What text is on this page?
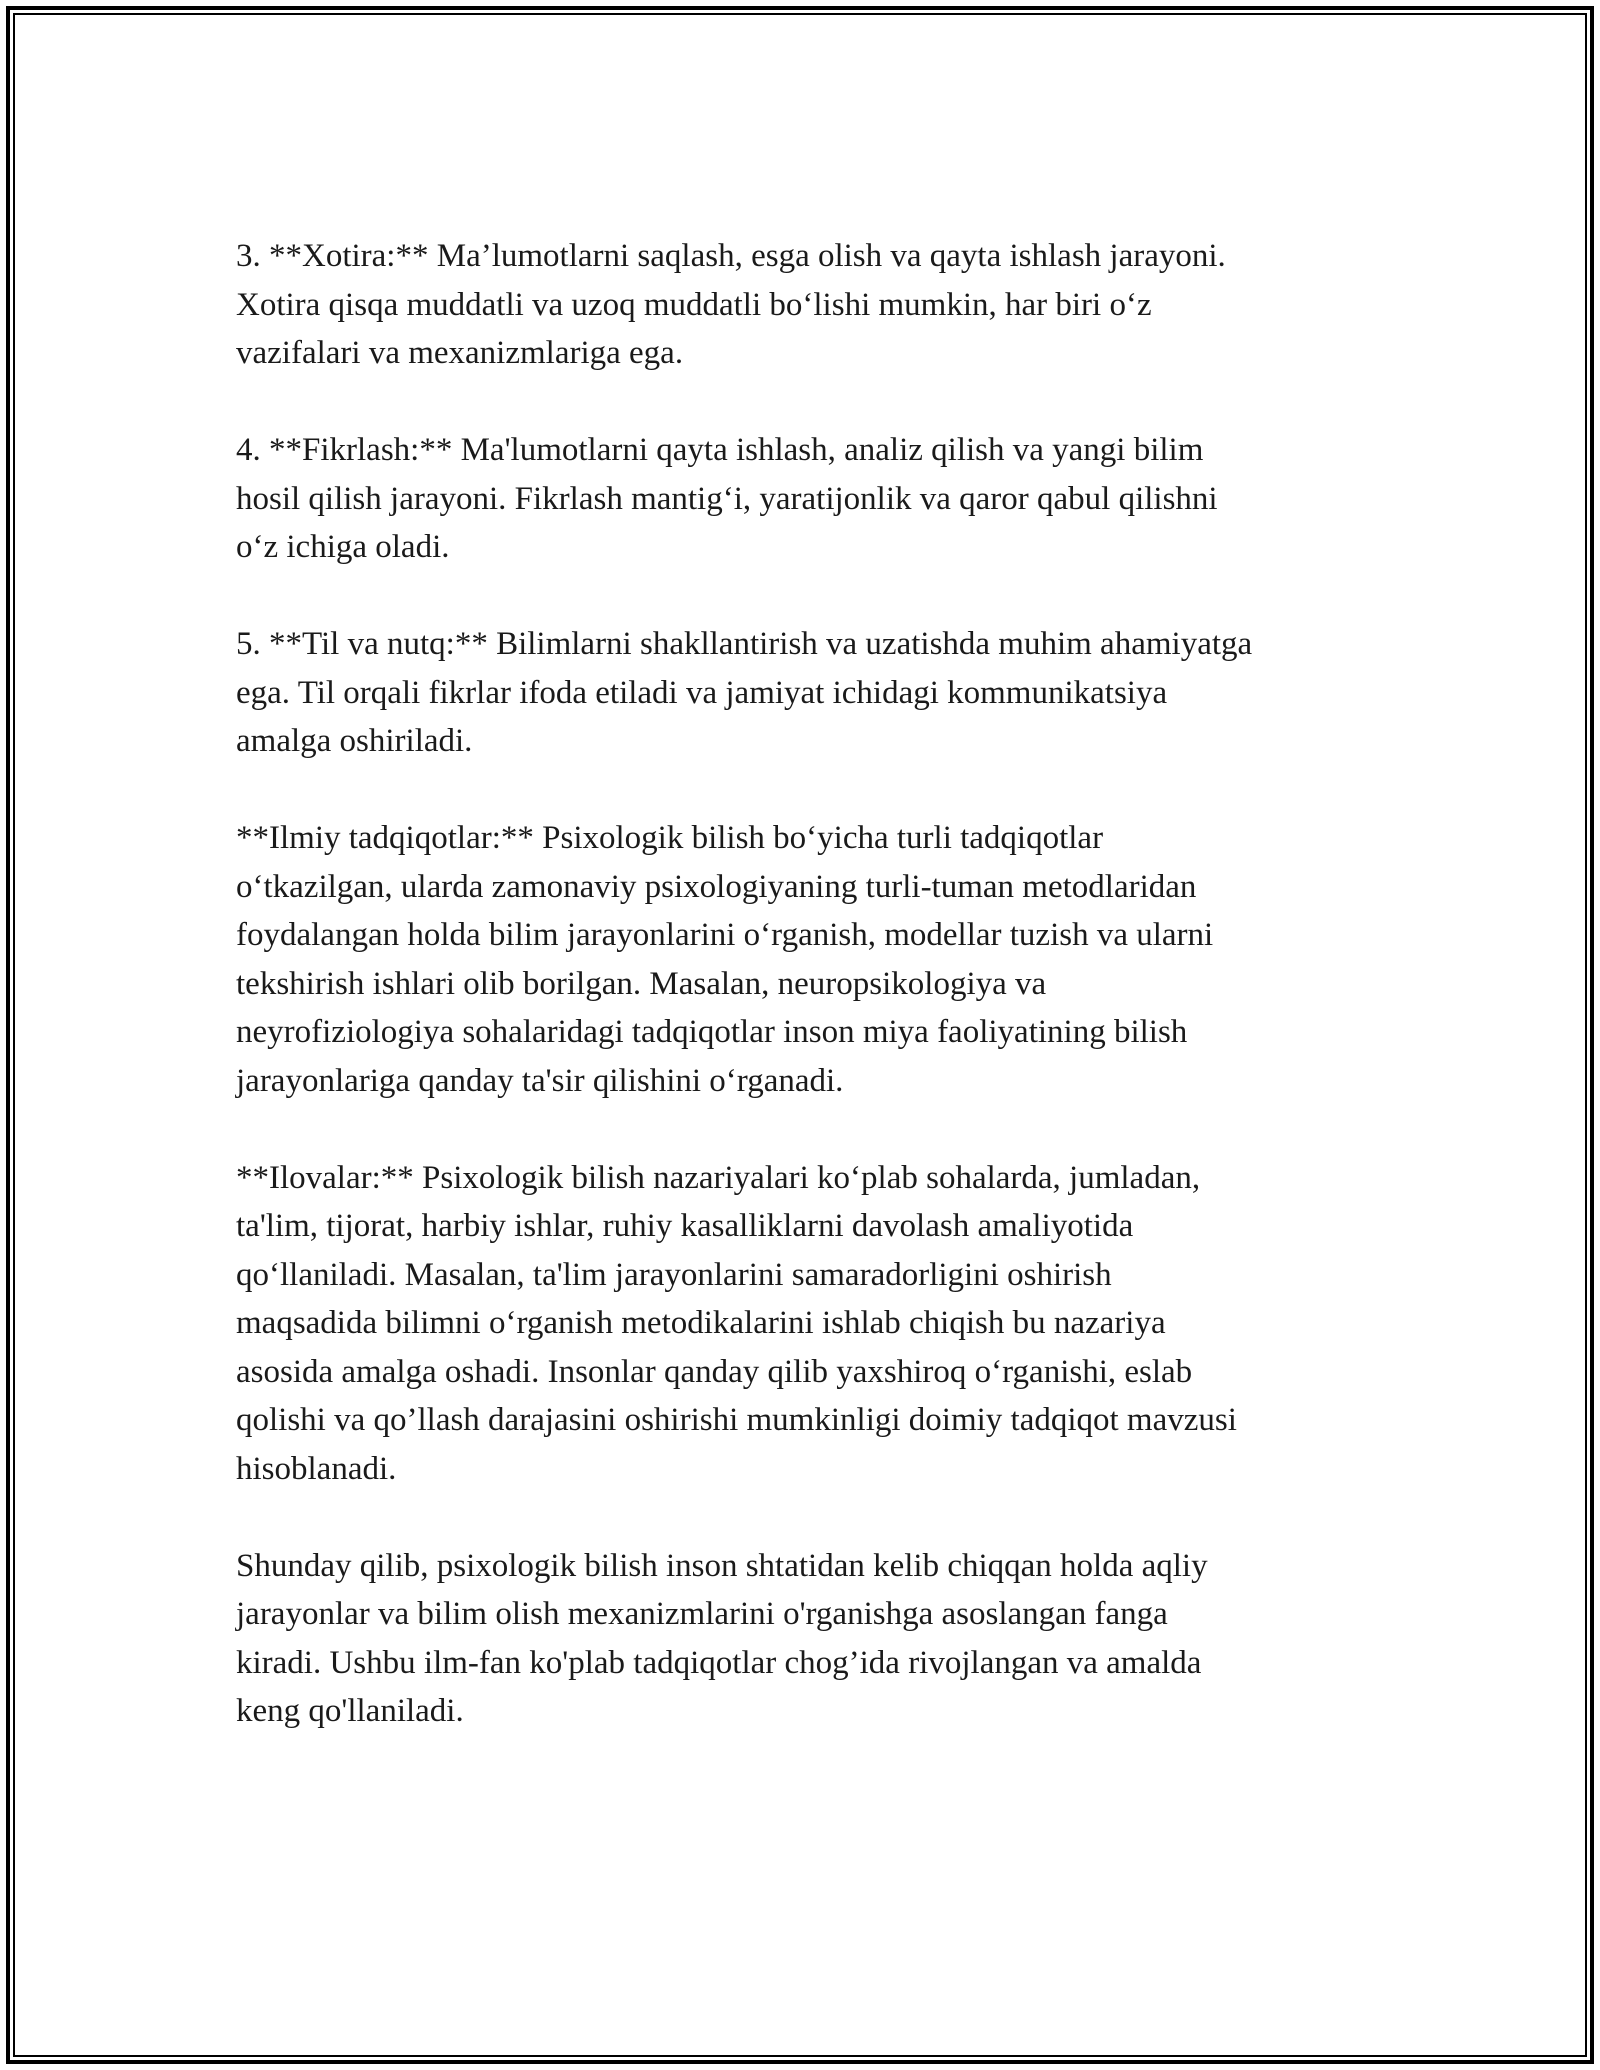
3. **Xotira:** Ma’lumotlarni saqlash, esga olish va qayta ishlash jarayoni.
Xotira qisqa muddatli va uzoq muddatli bo‘lishi mumkin, har biri o‘z
vazifalari va mexanizmlariga ega.

4. **Fikrlash:** Ma'lumotlarni qayta ishlash, analiz qilish va yangi bilim
hosil qilish jarayoni. Fikrlash mantig‘i, yaratijonlik va qaror qabul qilishni
o‘z ichiga oladi.

5. **Til va nutq:** Bilimlarni shakllantirish va uzatishda muhim ahamiyatga
ega. Til orqali fikrlar ifoda etiladi va jamiyat ichidagi kommunikatsiya
amalga oshiriladi.

**Ilmiy tadqiqotlar:** Psixologik bilish bo‘yicha turli tadqiqotlar
o‘tkazilgan, ularda zamonaviy psixologiyaning turli-tuman metodlaridan
foydalangan holda bilim jarayonlarini o‘rganish, modellar tuzish va ularni
tekshirish ishlari olib borilgan. Masalan, neuropsikologiya va
neyrofiziologiya sohalaridagi tadqiqotlar inson miya faoliyatining bilish
jarayonlariga qanday ta'sir qilishini o‘rganadi.

**Ilovalar:** Psixologik bilish nazariyalari ko‘plab sohalarda, jumladan,
ta'lim, tijorat, harbiy ishlar, ruhiy kasalliklarni davolash amaliyotida
qo‘llaniladi. Masalan, ta'lim jarayonlarini samaradorligini oshirish
maqsadida bilimni o‘rganish metodikalarini ishlab chiqish bu nazariya
asosida amalga oshadi. Insonlar qanday qilib yaxshiroq o‘rganishi, eslab
qolishi va qo’llash darajasini oshirishi mumkinligi doimiy tadqiqot mavzusi
hisoblanadi.

Shunday qilib, psixologik bilish inson shtatidan kelib chiqqan holda aqliy
jarayonlar va bilim olish mexanizmlarini o'rganishga asoslangan fanga
kiradi. Ushbu ilm-fan ko'plab tadqiqotlar chog’ida rivojlangan va amalda
keng qo'llaniladi.
